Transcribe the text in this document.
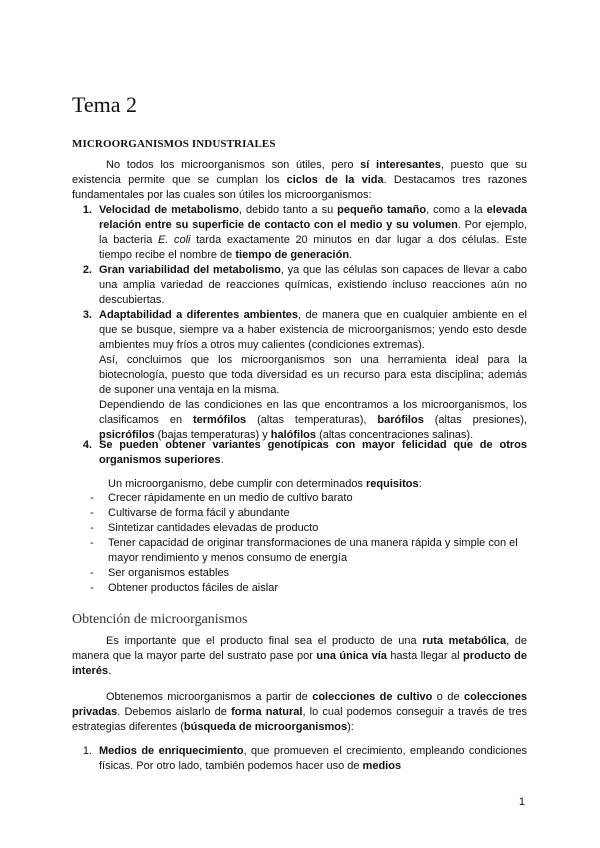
Tema 2
MICROORGANISMOS INDUSTRIALES

No todos los microorganismos son útiles, pero sí interesantes, puesto que su existencia permite que se cumplan los ciclos de la vida. Destacamos tres razones fundamentales por las cuales son útiles los microorganismos:

1. Velocidad de metabolismo, debido tanto a su pequeño tamaño, como a la elevada relación entre su superficie de contacto con el medio y su volumen. Por ejemplo, la bacteria E. coli tarda exactamente 20 minutos en dar lugar a dos células. Este tiempo recibe el nombre de tiempo de generación.

2. Gran variabilidad del metabolismo, ya que las células son capaces de llevar a cabo una amplia variedad de reacciones químicas, existiendo incluso reacciones aún no descubiertas.

3. Adaptabilidad a diferentes ambientes, de manera que en cualquier ambiente en el que se busque, siempre va a haber existencia de microorganismos; yendo esto desde ambientes muy fríos a otros muy calientes (condiciones extremas).

Así, concluimos que los microorganismos son una herramienta ideal para la biotecnología, puesto que toda diversidad es un recurso para esta disciplina; además de suponer una ventaja en la misma.

Dependiendo de las condiciones en las que encontramos a los microorganismos, los clasificamos en termófilos (altas temperaturas), barófilos (altas presiones), psicrófilos (bajas temperaturas) y halófilos (altas concentraciones salinas).

4. Se pueden obtener variantes genotípicas con mayor felicidad que de otros organismos superiores.

Un microorganismo, debe cumplir con determinados requisitos:

- Crecer rápidamente en un medio de cultivo barato
- Cultivarse de forma fácil y abundante
- Sintetizar cantidades elevadas de producto
- Tener capacidad de originar transformaciones de una manera rápida y simple con el mayor rendimiento y menos consumo de energía
- Ser organismos estables
- Obtener productos fáciles de aislar
Obtención de microorganismos

Es importante que el producto final sea el producto de una ruta metabólica, de manera que la mayor parte del sustrato pase por una única vía hasta llegar al producto de interés.

Obtenemos microorganismos a partir de colecciones de cultivo o de colecciones privadas. Debemos aislarlo de forma natural, lo cual podemos conseguir a través de tres estrategias diferentes (búsqueda de microorganismos):

1. Medios de enriquecimiento, que promueven el crecimiento, empleando condiciones físicas. Por otro lado, también podemos hacer uso de medios

1
